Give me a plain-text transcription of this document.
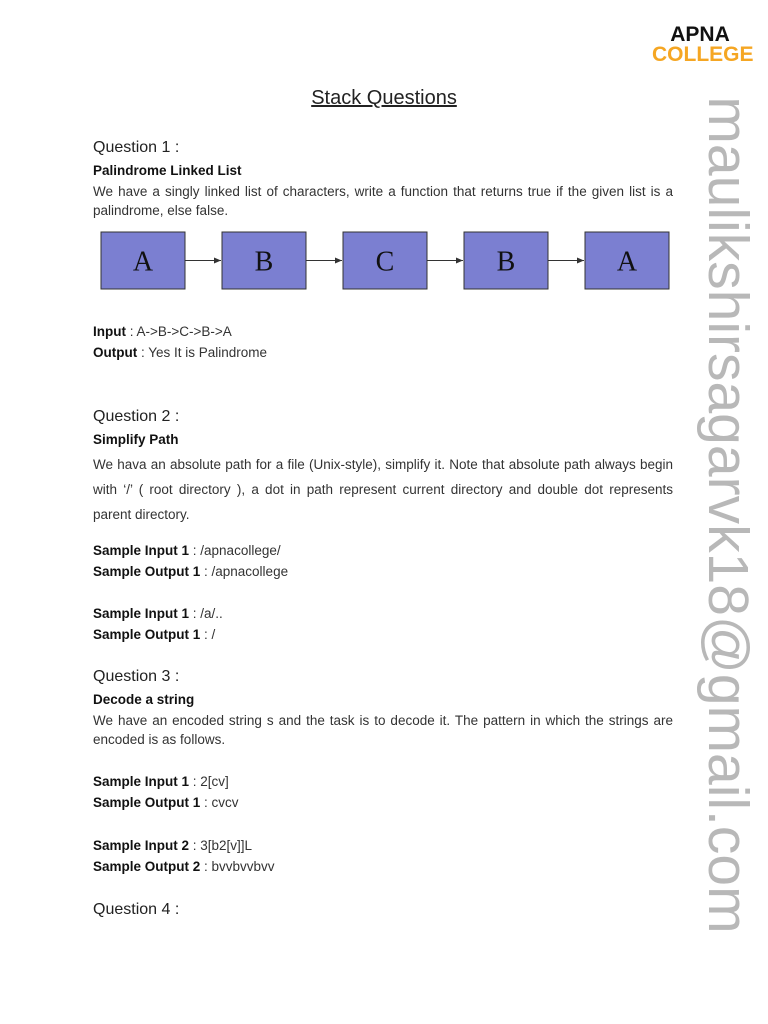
APNA
COLLEGE
maulikshirsagarvk18@gmail.com
Stack Questions
Question 1 :
Palindrome Linked List
We have a singly linked list of characters, write a function that returns true if the given list is a palindrome, else false.
A	B	C	B	A
Input : A->B->C->B->A
Output : Yes It is Palindrome
Question 2 :
Simplify Path
We hava an absolute path for a file (Unix-style), simplify it. Note that absolute path always begin with ‘/’ ( root directory ), a dot in path represent current directory and double dot represents parent directory.
Sample Input 1 : /apnacollege/
Sample Output 1 : /apnacollege
Sample Input 1 : /a/..
Sample Output 1 : /
Question 3 :
Decode a string
We have an encoded string s and the task is to decode it. The pattern in which the strings are encoded is as follows.
Sample Input 1 : 2[cv]
Sample Output 1 : cvcv
Sample Input 2 : 3[b2[v]]L
Sample Output 2 : bvvbvvbvv
Question 4 :
